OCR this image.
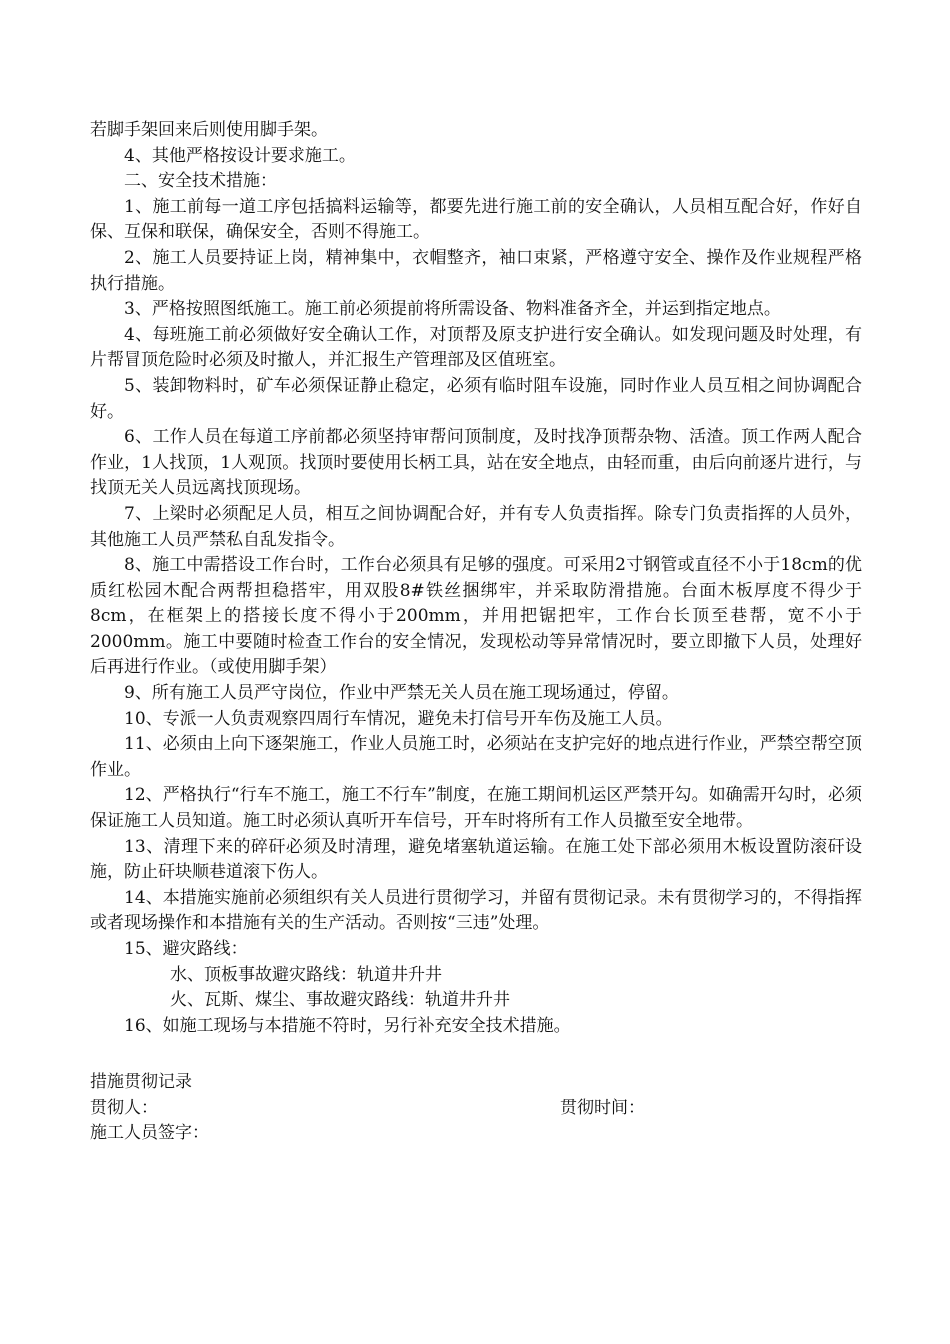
若脚手架回来后则使用脚手架。

4、其他严格按设计要求施工。

二、安全技术措施：

1、施工前每一道工序包括搞料运输等，都要先进行施工前的安全确认，人员相互配合好，作好自保、互保和联保，确保安全，否则不得施工。

2、施工人员要持证上岗，精神集中，衣帽整齐，袖口束紧，严格遵守安全、操作及作业规程严格执行措施。

3、严格按照图纸施工。施工前必须提前将所需设备、物料准备齐全，并运到指定地点。

4、每班施工前必须做好安全确认工作，对顶帮及原支护进行安全确认。如发现问题及时处理，有片帮冒顶危险时必须及时撤人，并汇报生产管理部及区值班室。

5、装卸物料时，矿车必须保证静止稳定，必须有临时阻车设施，同时作业人员互相之间协调配合好。

6、工作人员在每道工序前都必须坚持审帮问顶制度，及时找净顶帮杂物、活渣。顶工作两人配合作业，1人找顶，1人观顶。找顶时要使用长柄工具，站在安全地点，由轻而重，由后向前逐片进行，与找顶无关人员远离找顶现场。

7、上梁时必须配足人员，相互之间协调配合好，并有专人负责指挥。除专门负责指挥的人员外，其他施工人员严禁私自乱发指令。

8、施工中需搭设工作台时，工作台必须具有足够的强度。可采用2寸钢管或直径不小于18cm的优质红松园木配合两帮担稳搭牢，用双股8#铁丝捆绑牢，并采取防滑措施。台面木板厚度不得少于8cm，在框架上的搭接长度不得小于200mm，并用把锯把牢，工作台长顶至巷帮，宽不小于2000mm。施工中要随时检查工作台的安全情况，发现松动等异常情况时，要立即撤下人员，处理好后再进行作业。（或使用脚手架）

9、所有施工人员严守岗位，作业中严禁无关人员在施工现场通过，停留。

10、专派一人负责观察四周行车情况，避免未打信号开车伤及施工人员。

11、必须由上向下逐架施工，作业人员施工时，必须站在支护完好的地点进行作业，严禁空帮空顶作业。

12、严格执行“行车不施工，施工不行车”制度，在施工期间机运区严禁开勾。如确需开勾时，必须保证施工人员知道。施工时必须认真听开车信号，开车时将所有工作人员撤至安全地带。

13、清理下来的碎矸必须及时清理，避免堵塞轨道运输。在施工处下部必须用木板设置防滚矸设施，防止矸块顺巷道滚下伤人。

14、本措施实施前必须组织有关人员进行贯彻学习，并留有贯彻记录。未有贯彻学习的，不得指挥或者现场操作和本措施有关的生产活动。否则按“三违”处理。

15、避灾路线：

水、顶板事故避灾路线：轨道井升井

火、瓦斯、煤尘、事故避灾路线：轨道井升井

16、如施工现场与本措施不符时，另行补充安全技术措施。

措施贯彻记录
贯彻人：	贯彻时间：
施工人员签字：
